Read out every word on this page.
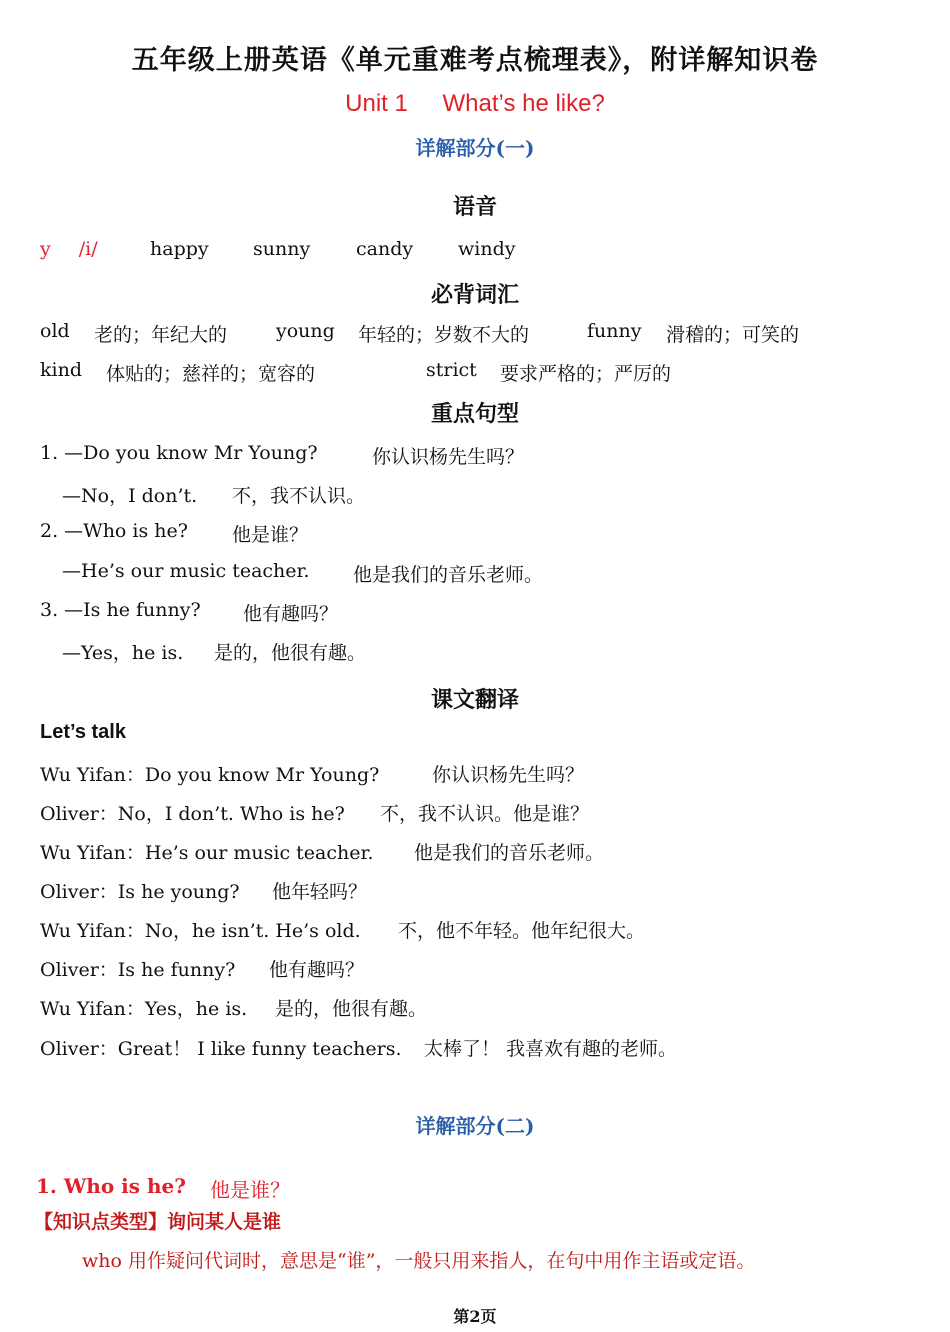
五年级上册英语《单元重难考点梳理表》，附详解知识卷
Unit 1 What’s he like?
详解部分(一)
语音
y /i/	happy sunny candy windy
必背词汇
old 老的；年纪大的	young 年轻的；岁数不大的	funny 滑稽的；可笑的
kind 体贴的；慈祥的；宽容的	strict 要求严格的；严厉的
重点句型
1. —Do you know Mr Young?	你认识杨先生吗？
—No，I don’t. 不，我不认识。
2. —Who is he? 他是谁？
—He’s our music teacher. 他是我们的音乐老师。
3. —Is he funny? 他有趣吗？
—Yes，he is. 是的，他很有趣。
课文翻译
Let’s talk
Wu Yifan：Do you know Mr Young?	你认识杨先生吗？
Oliver：No，I don’t. Who is he? 不，我不认识。他是谁？
Wu Yifan：He’s our music teacher. 他是我们的音乐老师。
Oliver：Is he young? 他年轻吗？
Wu Yifan：No，he isn’t. He’s old. 不，他不年轻。他年纪很大。
Oliver：Is he funny? 他有趣吗？
Wu Yifan：Yes，he is. 是的，他很有趣。
Oliver：Great！ I like funny teachers. 太棒了！ 我喜欢有趣的老师。
详解部分(二)
1. Who is he? 他是谁？
【知识点类型】询问某人是谁
who 用作疑问代词时，意思是“谁”，一般只用来指人，在句中用作主语或定语。
第2页
